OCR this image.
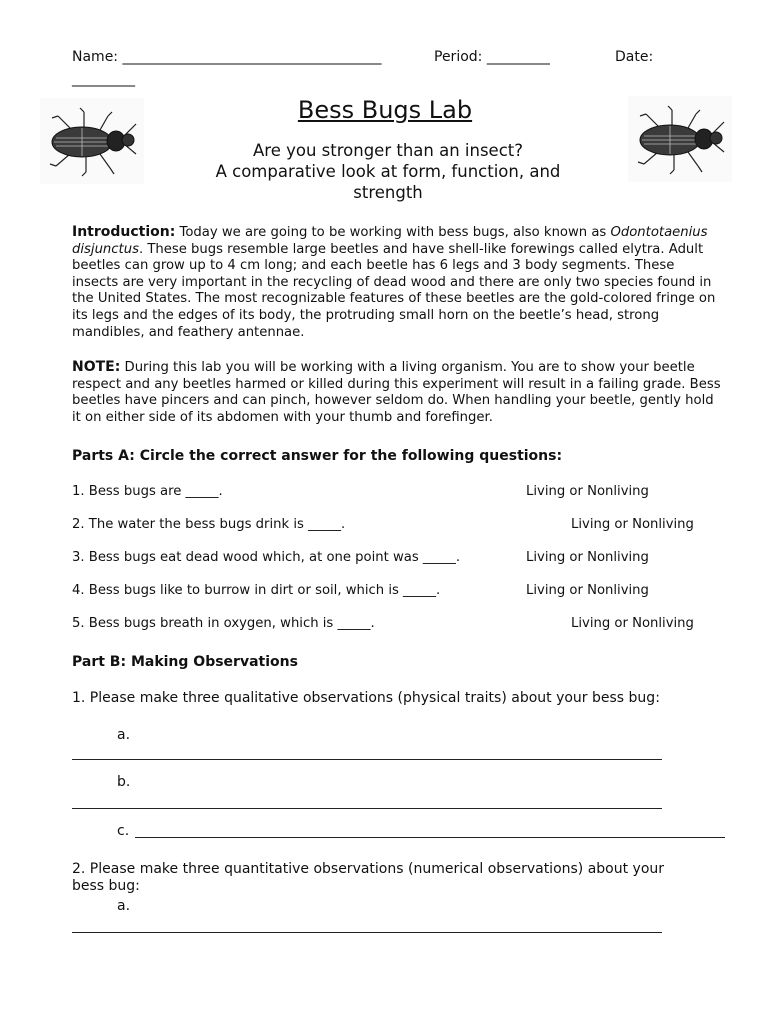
Name: _____________________________________	Period: _________	Date:
_________
Bess Bugs Lab
Are you stronger than an insect?
A comparative look at form, function, and
strength
Introduction: Today we are going to be working with bess bugs, also known as Odontotaenius disjunctus. These bugs resemble large beetles and have shell-like forewings called elytra. Adult beetles can grow up to 4 cm long; and each beetle has 6 legs and 3 body segments. These insects are very important in the recycling of dead wood and there are only two species found in the United States. The most recognizable features of these beetles are the gold-colored fringe on its legs and the edges of its body, the protruding small horn on the beetle’s head, strong mandibles, and feathery antennae.
NOTE: During this lab you will be working with a living organism. You are to show your beetle respect and any beetles harmed or killed during this experiment will result in a failing grade. Bess beetles have pincers and can pinch, however seldom do. When handling your beetle, gently hold it on either side of its abdomen with your thumb and forefinger.
Parts A: Circle the correct answer for the following questions:
1. Bess bugs are _____.	Living or Nonliving
2. The water the bess bugs drink is _____.	Living or Nonliving
3. Bess bugs eat dead wood which, at one point was _____.	Living or Nonliving
4. Bess bugs like to burrow in dirt or soil, which is _____.	Living or Nonliving
5. Bess bugs breath in oxygen, which is _____.	Living or Nonliving
Part B: Making Observations
1. Please make three qualitative observations (physical traits) about your bess bug:
a.
b.
c.
2. Please make three quantitative observations (numerical observations) about your
bess bug:
a.
